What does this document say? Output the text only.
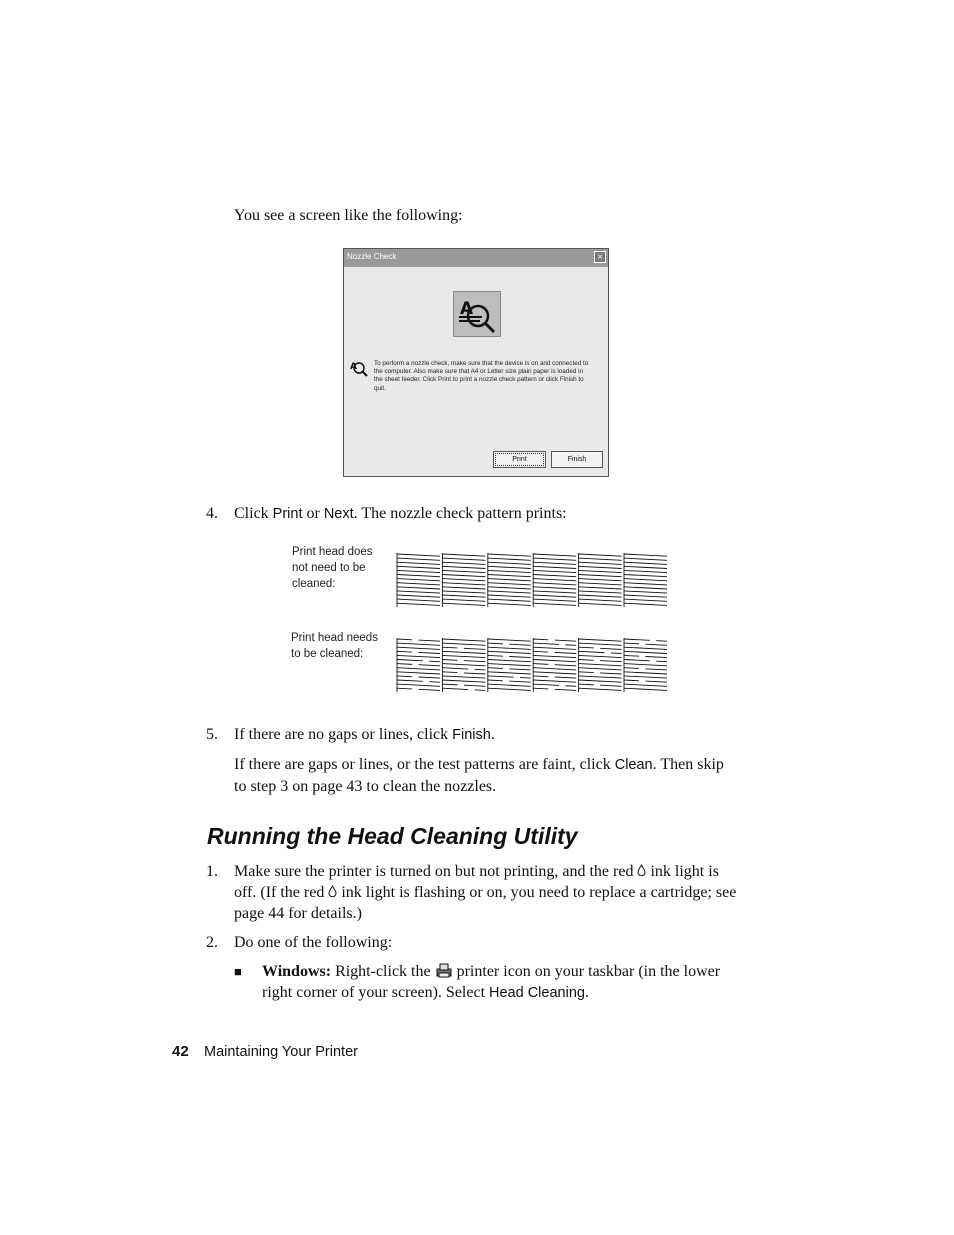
You see a screen like the following:
Nozzle Check	×
A
A	To perform a nozzle check, make sure that the device is on and connected to the computer. Also make sure that A4 or Letter size plain paper is loaded in the sheet feeder. Click Print to print a nozzle check pattern or click Finish to quit.
Print	Finish
4.	Click Print or Next. The nozzle check pattern prints:
Print head does
not need to be
cleaned:
Print head needs
to be cleaned:
5.	If there are no gaps or lines, click Finish.
If there are gaps or lines, or the test patterns are faint, click Clean. Then skip
to step 3 on page 43 to clean the nozzles.
Running the Head Cleaning Utility
1.	Make sure the printer is turned on but not printing, and the red  ink light is
off. (If the red  ink light is flashing or on, you need to replace a cartridge; see
page 44 for details.)
2.	Do one of the following:
■ Windows: Right-click the  printer icon on your taskbar (in the lower
right corner of your screen). Select Head Cleaning.
42 Maintaining Your Printer
